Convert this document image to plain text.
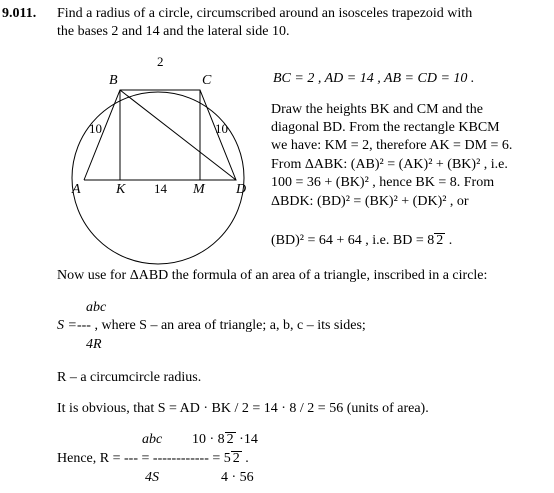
9.011. Find a radius of a circle, circumscribed around an isosceles trapezoid with
the bases 2 and 14 and the lateral side 10.
2
B	C
10	10
A	K 14 M D
BC = 2 , AD = 14 , AB = CD = 10 .
Draw the heights BK and CM and the
diagonal BD. From the rectangle KBCM
we have: KM = 2, therefore AK = DM = 6.
From ΔABK: (AB)² = (AK)² + (BK)² , i.e.
100 = 36 + (BK)² , hence BK = 8. From
ΔBDK: (BD)² = (BK)² + (DK)² , or
(BD)² = 64 + 64 , i.e. BD = 8 2 .
Now use for ΔABD the formula of an area of a triangle, inscribed in a circle:
abc
S =--- , where S – an area of triangle; a, b, c – its sides;
4R
R – a circumcircle radius.
It is obvious, that S = AD · BK / 2 = 14 · 8 / 2 = 56 (units of area).
abc 10 · 8 2 ·14
Hence, R = --- = ------------ = 5 2 .
4S	4 · 56
